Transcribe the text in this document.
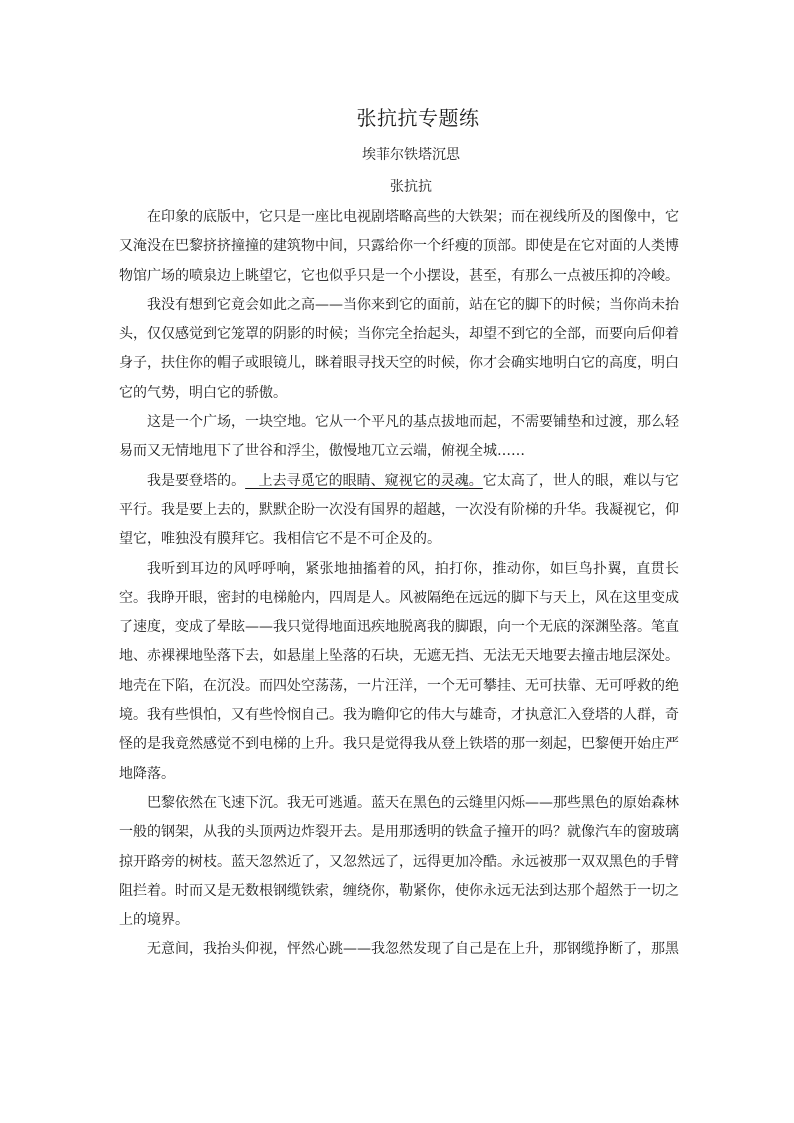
张抗抗专题练
埃菲尔铁塔沉思
张抗抗

在印象的底版中，它只是一座比电视剧塔略高些的大铁架；而在视线所及的图像中，它又淹没在巴黎挤挤撞撞的建筑物中间，只露给你一个纤瘦的顶部。即使是在它对面的人类博物馆广场的喷泉边上眺望它，它也似乎只是一个小摆设，甚至，有那么一点被压抑的冷峻。

我没有想到它竟会如此之高——当你来到它的面前，站在它的脚下的时候；当你尚未抬头，仅仅感觉到它笼罩的阴影的时候；当你完全抬起头，却望不到它的全部，而要向后仰着身子，扶住你的帽子或眼镜儿，眯着眼寻找天空的时候，你才会确实地明白它的高度，明白它的气势，明白它的骄傲。

这是一个广场，一块空地。它从一个平凡的基点拔地而起，不需要铺垫和过渡，那么轻易而又无情地甩下了世谷和浮尘，傲慢地兀立云端，俯视全城……

我是要登塔的。   上去寻觅它的眼睛、窥视它的灵魂。它太高了，世人的眼，难以与它平行。我是要上去的，默默企盼一次没有国界的超越，一次没有阶梯的升华。我凝视它，仰望它，唯独没有膜拜它。我相信它不是不可企及的。

我听到耳边的风呼呼响，紧张地抽搐着的风，拍打你，推动你，如巨鸟扑翼，直贯长空。我睁开眼，密封的电梯舱内，四周是人。风被隔绝在远远的脚下与天上，风在这里变成了速度，变成了晕眩——我只觉得地面迅疾地脱离我的脚跟，向一个无底的深渊坠落。笔直地、赤裸裸地坠落下去，如悬崖上坠落的石块，无遮无挡、无法无天地要去撞击地层深处。地壳在下陷，在沉没。而四处空荡荡，一片汪洋，一个无可攀挂、无可扶靠、无可呼救的绝境。我有些惧怕，又有些怜悯自己。我为瞻仰它的伟大与雄奇，才执意汇入登塔的人群，奇怪的是我竟然感觉不到电梯的上升。我只是觉得我从登上铁塔的那一刻起，巴黎便开始庄严地降落。

巴黎依然在飞速下沉。我无可逃遁。蓝天在黑色的云缝里闪烁——那些黑色的原始森林一般的钢架，从我的头顶两边炸裂开去。是用那透明的铁盒子撞开的吗？就像汽车的窗玻璃掠开路旁的树枝。蓝天忽然近了，又忽然远了，远得更加冷酷。永远被那一双双黑色的手臂阻拦着。时而又是无数根钢缆铁索，缠绕你，勒紧你，使你永远无法到达那个超然于一切之上的境界。

无意间，我抬头仰视，怦然心跳——我忽然发现了自己是在上升，那钢缆挣断了，那黑
